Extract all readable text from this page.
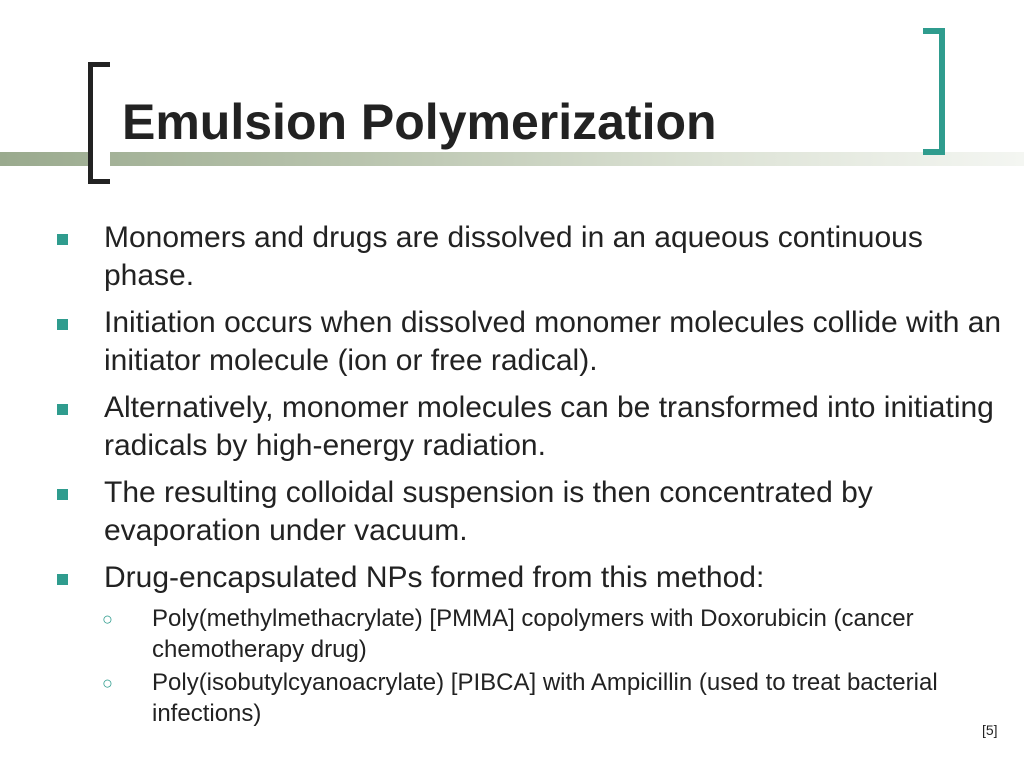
Emulsion Polymerization
Monomers and drugs are dissolved in an aqueous continuous phase.
Initiation occurs when dissolved monomer molecules collide with an initiator molecule (ion or free radical).
Alternatively, monomer molecules can be transformed into initiating radicals by high-energy radiation.
The resulting colloidal suspension is then concentrated by evaporation under vacuum.
Drug-encapsulated NPs formed from this method:
○ Poly(methylmethacrylate) [PMMA] copolymers with Doxorubicin (cancer chemotherapy drug)
○ Poly(isobutylcyanoacrylate) [PIBCA] with Ampicillin (used to treat bacterial infections)
[5]
